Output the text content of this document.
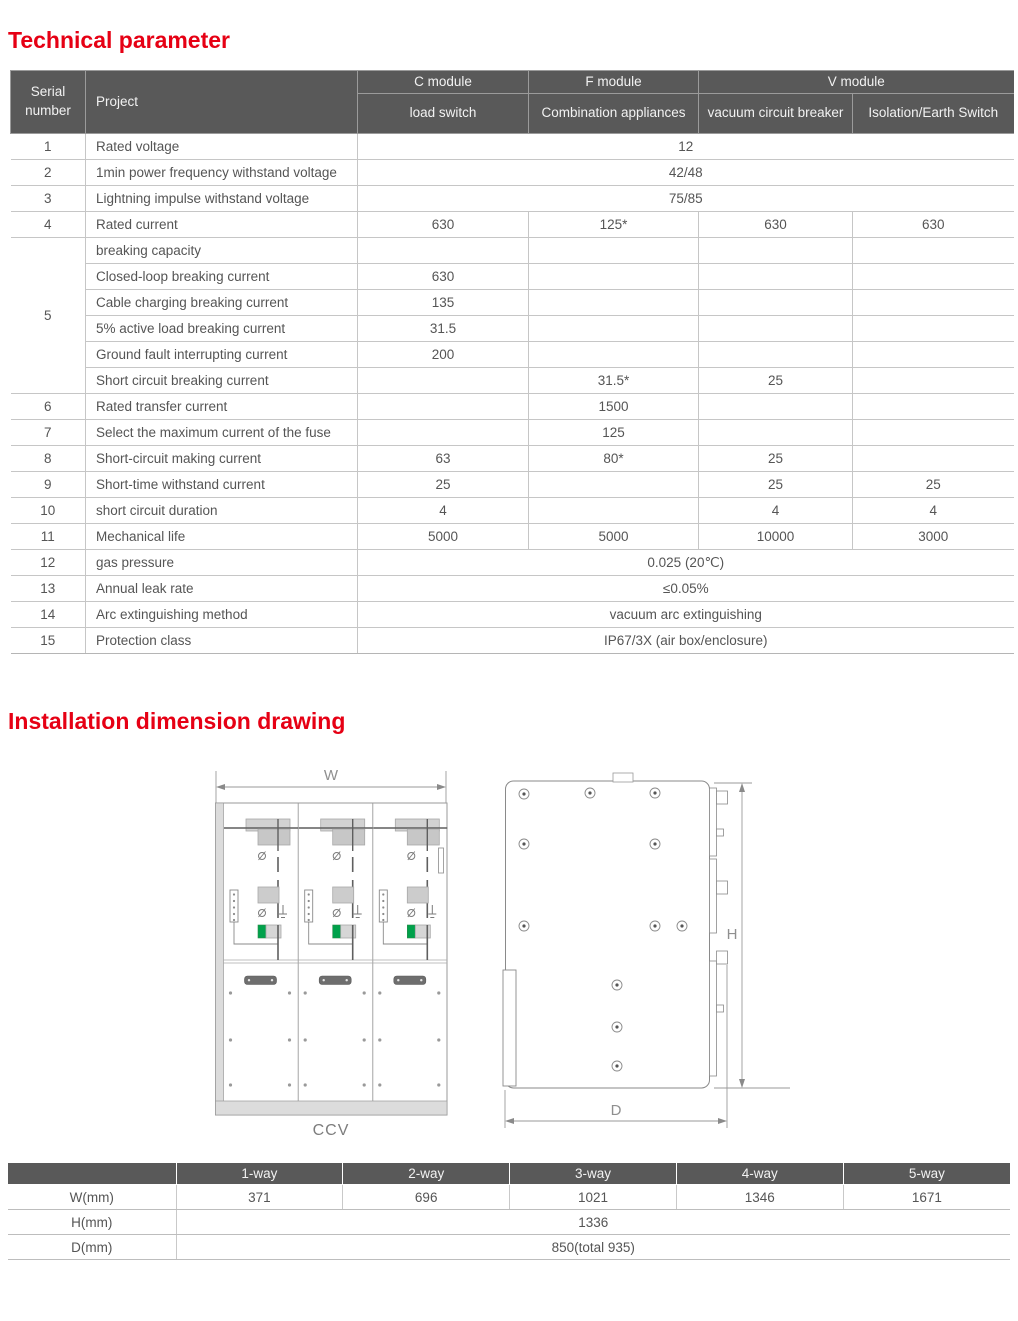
Technical parameter
Serial number	Project	C module	F module	V module	
		load switch	Combination appliances	vacuum circuit breaker	Isolation/Earth Switch
1	Rated voltage	12			
2	1min power frequency withstand voltage	42/48			
3	Lightning impulse withstand voltage	75/85			
4	Rated current	630	125*	630	630
5	breaking capacity				
	Closed-loop breaking current	630			
	Cable charging breaking current	135			
	5% active load breaking current	31.5			
	Ground fault interrupting current	200			
	Short circuit breaking current		31.5*	25	
6	Rated transfer current		1500		
7	Select the maximum current of the fuse		125		
8	Short-circuit making current	63	80*	25	
9	Short-time withstand current	25		25	25
10	short circuit duration	4		4	4
11	Mechanical life	5000	5000	10000	3000
12	gas pressure	0.025 (20℃)			
13	Annual leak rate	≤0.05%			
14	Arc extinguishing method	vacuum arc extinguishing			
15	Protection class	IP67/3X (air box/enclosure)			
Installation dimension drawing
W
CCV
H
D
	1-way	2-way	3-way	4-way	5-way
W(mm)	371	696	1021	1346	1671
H(mm)	1336				
D(mm)	850(total 935)				
